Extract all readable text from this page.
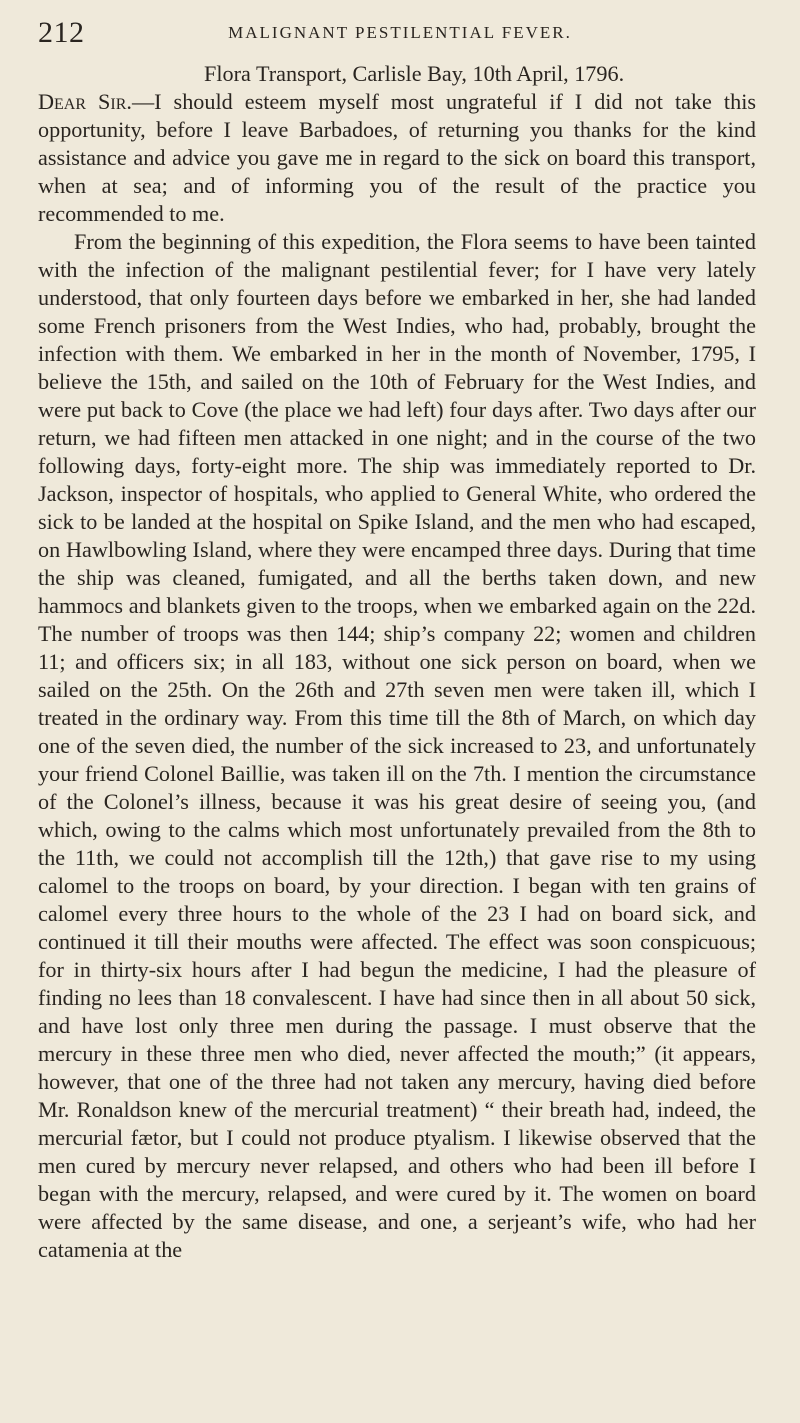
212	MALIGNANT PESTILENTIAL FEVER.

Flora Transport, Carlisle Bay, 10th April, 1796.

Dear Sir.—I should esteem myself most ungrateful if I did not take this opportunity, before I leave Barbadoes, of returning you thanks for the kind assistance and advice you gave me in regard to the sick on board this transport, when at sea; and of informing you of the result of the practice you recommended to me.

From the beginning of this expedition, the Flora seems to have been tainted with the infection of the malignant pestilential fever; for I have very lately understood, that only fourteen days before we embarked in her, she had landed some French prisoners from the West Indies, who had, probably, brought the infection with them. We embarked in her in the month of November, 1795, I believe the 15th, and sailed on the 10th of February for the West Indies, and were put back to Cove (the place we had left) four days after. Two days after our return, we had fifteen men attacked in one night; and in the course of the two following days, forty-eight more. The ship was immediately reported to Dr. Jackson, inspector of hospitals, who applied to General White, who ordered the sick to be landed at the hospital on Spike Island, and the men who had escaped, on Hawlbowling Island, where they were encamped three days. During that time the ship was cleaned, fumigated, and all the berths taken down, and new hammocs and blankets given to the troops, when we embarked again on the 22d. The number of troops was then 144; ship’s company 22; women and children 11; and officers six; in all 183, without one sick person on board, when we sailed on the 25th. On the 26th and 27th seven men were taken ill, which I treated in the ordinary way. From this time till the 8th of March, on which day one of the seven died, the number of the sick increased to 23, and unfortunately your friend Colonel Baillie, was taken ill on the 7th. I mention the circumstance of the Colonel’s illness, because it was his great desire of seeing you, (and which, owing to the calms which most unfortunately prevailed from the 8th to the 11th, we could not accomplish till the 12th,) that gave rise to my using calomel to the troops on board, by your direction. I began with ten grains of calomel every three hours to the whole of the 23 I had on board sick, and continued it till their mouths were affected. The effect was soon conspicuous; for in thirty-six hours after I had begun the medicine, I had the pleasure of finding no lees than 18 convalescent. I have had since then in all about 50 sick, and have lost only three men during the passage. I must observe that the mercury in these three men who died, never affected the mouth;” (it appears, however, that one of the three had not taken any mercury, having died before Mr. Ronaldson knew of the mercurial treatment) “ their breath had, indeed, the mercurial fætor, but I could not produce ptyalism. I likewise observed that the men cured by mercury never relapsed, and others who had been ill before I began with the mercury, relapsed, and were cured by it. The women on board were affected by the same disease, and one, a serjeant’s wife, who had her catamenia at the
